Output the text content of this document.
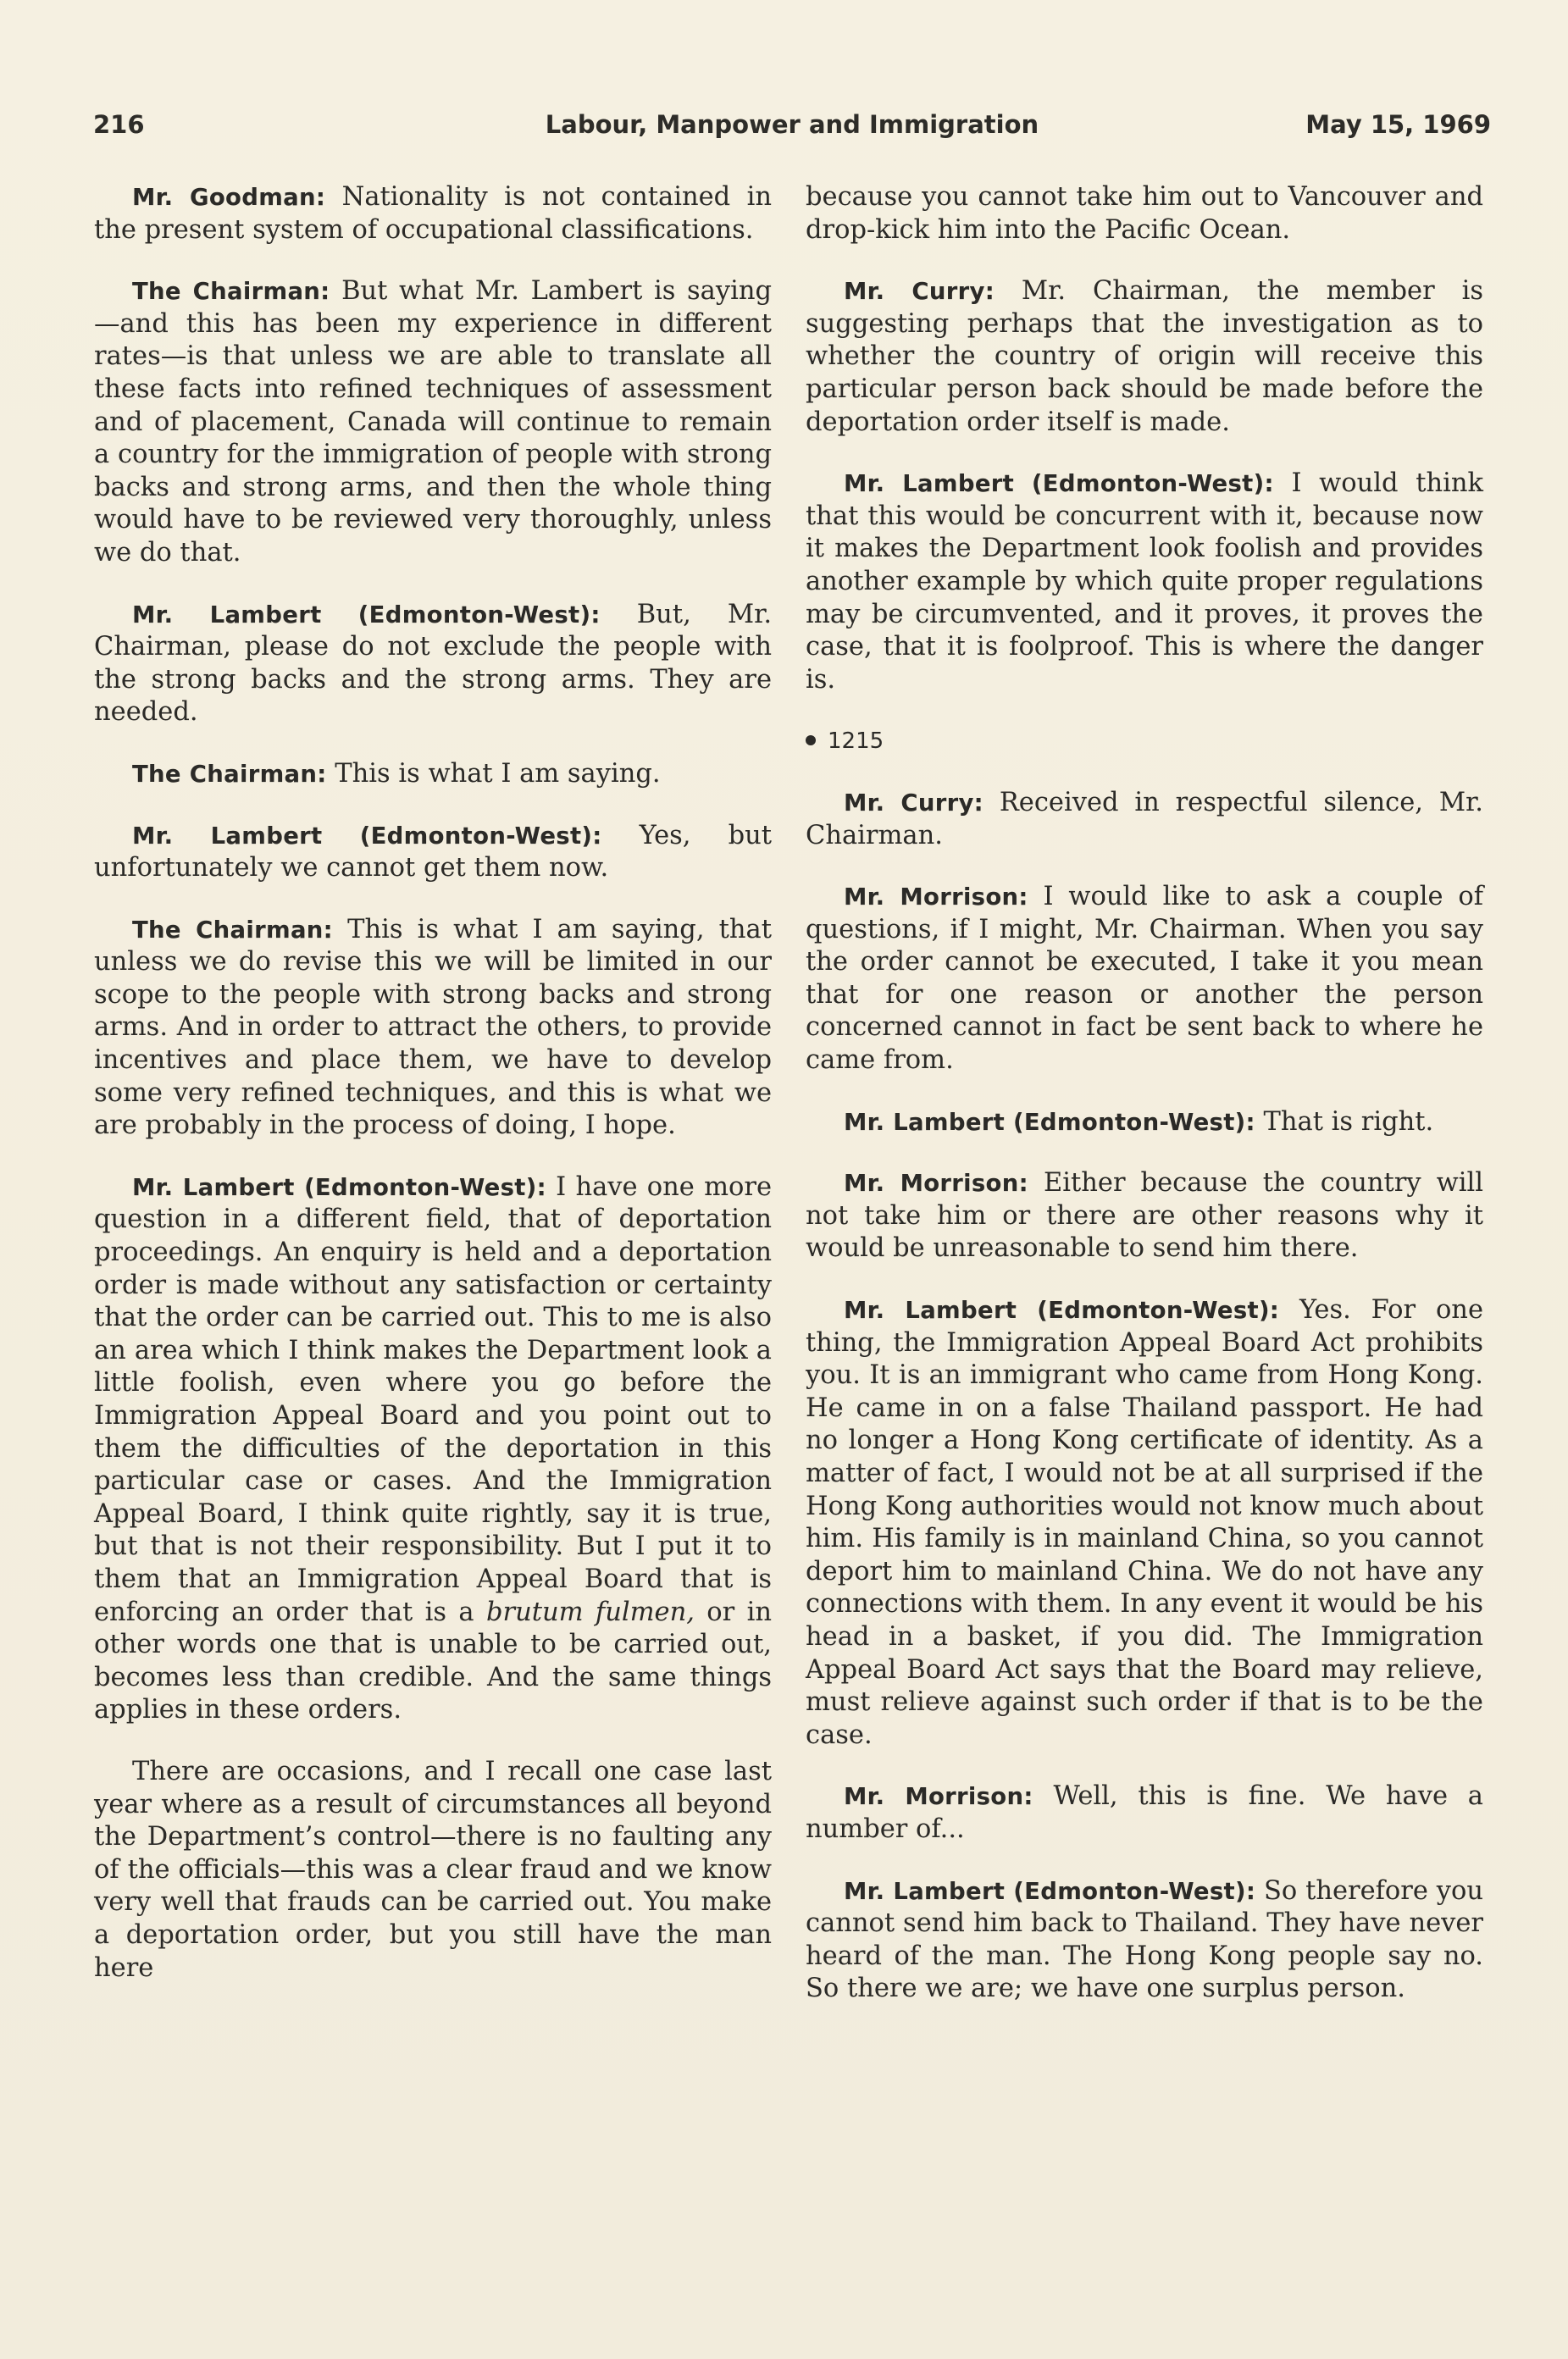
216	Labour, Manpower and Immigration	May 15, 1969

Mr. Goodman: Nationality is not contained in the present system of occupational classifications.

The Chairman: But what Mr. Lambert is saying—and this has been my experience in different rates—is that unless we are able to translate all these facts into refined techniques of assessment and of placement, Canada will continue to remain a country for the immigration of people with strong backs and strong arms, and then the whole thing would have to be reviewed very thoroughly, unless we do that.

Mr. Lambert (Edmonton-West): But, Mr. Chairman, please do not exclude the people with the strong backs and the strong arms. They are needed.

The Chairman: This is what I am saying.

Mr. Lambert (Edmonton-West): Yes, but unfortunately we cannot get them now.

The Chairman: This is what I am saying, that unless we do revise this we will be limited in our scope to the people with strong backs and strong arms. And in order to attract the others, to provide incentives and place them, we have to develop some very refined techniques, and this is what we are probably in the process of doing, I hope.

Mr. Lambert (Edmonton-West): I have one more question in a different field, that of deportation proceedings. An enquiry is held and a deportation order is made without any satisfaction or certainty that the order can be carried out. This to me is also an area which I think makes the Department look a little foolish, even where you go before the Immigration Appeal Board and you point out to them the difficulties of the deportation in this particular case or cases. And the Immigration Appeal Board, I think quite rightly, say it is true, but that is not their responsibility. But I put it to them that an Immigration Appeal Board that is enforcing an order that is a brutum fulmen, or in other words one that is unable to be carried out, becomes less than credible. And the same things applies in these orders.

There are occasions, and I recall one case last year where as a result of circumstances all beyond the Department’s control—there is no faulting any of the officials—this was a clear fraud and we know very well that frauds can be carried out. You make a deportation order, but you still have the man here

because you cannot take him out to Vancouver and drop-kick him into the Pacific Ocean.

Mr. Curry: Mr. Chairman, the member is suggesting perhaps that the investigation as to whether the country of origin will receive this particular person back should be made before the deportation order itself is made.

Mr. Lambert (Edmonton-West): I would think that this would be concurrent with it, because now it makes the Department look foolish and provides another example by which quite proper regulations may be circumvented, and it proves, it proves the case, that it is foolproof. This is where the danger is.

1215

Mr. Curry: Received in respectful silence, Mr. Chairman.

Mr. Morrison: I would like to ask a couple of questions, if I might, Mr. Chairman. When you say the order cannot be executed, I take it you mean that for one reason or another the person concerned cannot in fact be sent back to where he came from.

Mr. Lambert (Edmonton-West): That is right.

Mr. Morrison: Either because the country will not take him or there are other reasons why it would be unreasonable to send him there.

Mr. Lambert (Edmonton-West): Yes. For one thing, the Immigration Appeal Board Act prohibits you. It is an immigrant who came from Hong Kong. He came in on a false Thailand passport. He had no longer a Hong Kong certificate of identity. As a matter of fact, I would not be at all surprised if the Hong Kong authorities would not know much about him. His family is in mainland China, so you cannot deport him to mainland China. We do not have any connections with them. In any event it would be his head in a basket, if you did. The Immigration Appeal Board Act says that the Board may relieve, must relieve against such order if that is to be the case.

Mr. Morrison: Well, this is fine. We have a number of...

Mr. Lambert (Edmonton-West): So therefore you cannot send him back to Thailand. They have never heard of the man. The Hong Kong people say no. So there we are; we have one surplus person.
